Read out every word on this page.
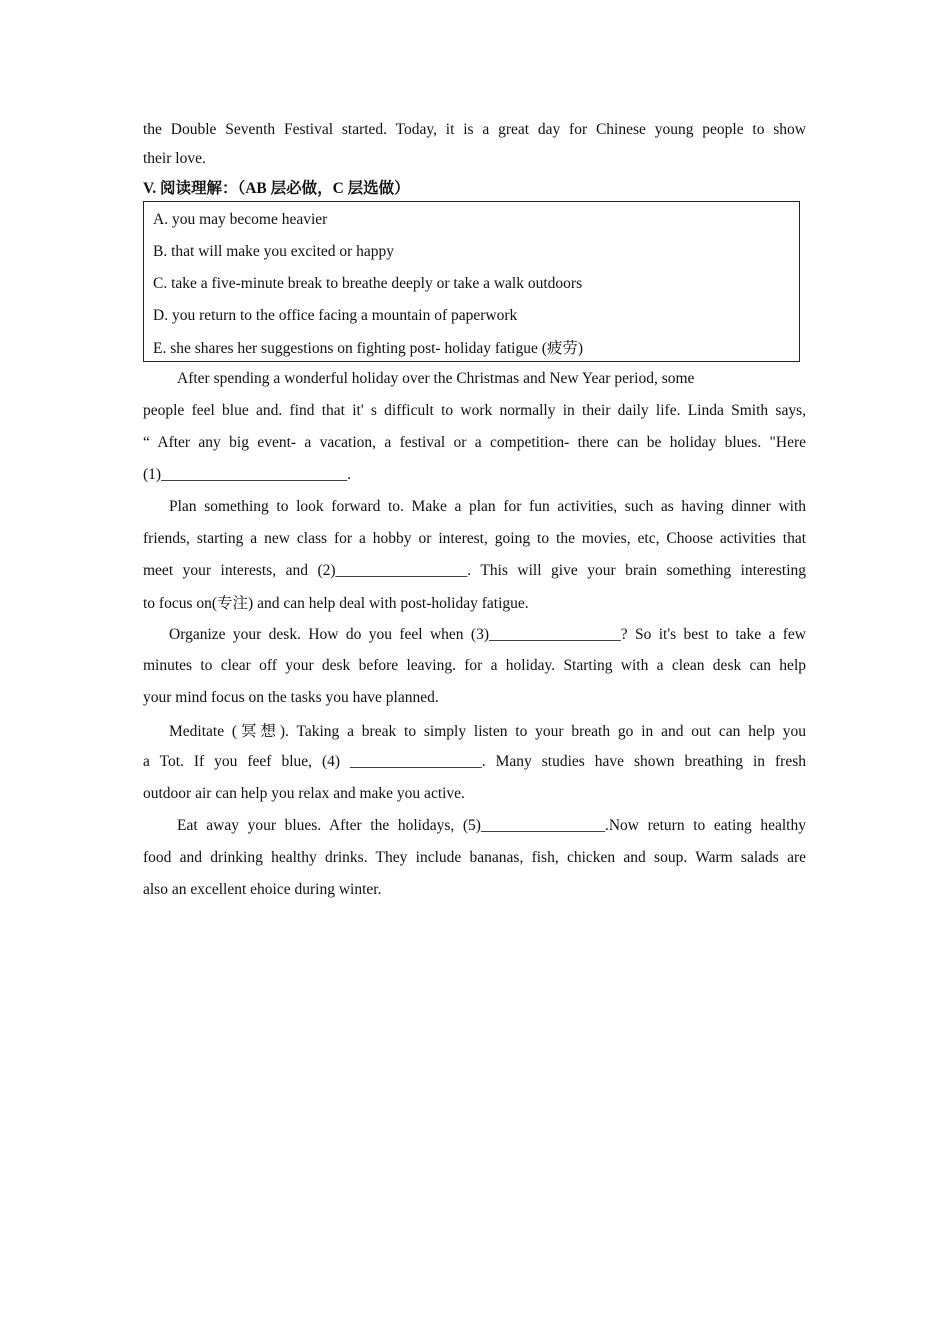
the Double Seventh Festival started. Today, it is a great day for Chinese young people to show
their love.
V. 阅读理解：（AB 层必做，C 层选做）
A. you may become heavier
B. that will make you excited or happy
C. take a five-minute break to breathe deeply or take a walk outdoors
D. you return to the office facing a mountain of paperwork
E. she shares her suggestions on fighting post- holiday fatigue (疲劳)
After spending a wonderful holiday over the Christmas and New Year period, some
people feel blue and. find that it' s difficult to work normally in their daily life. Linda Smith says,
“ After any big event- a vacation, a festival or a competition- there can be holiday blues. "Here
(1)________________________.
Plan something to look forward to. Make a plan for fun activities, such as having dinner with
friends, starting a new class for a hobby or interest, going to the movies, etc, Choose activities that
meet your interests, and (2)_________________. This will give your brain something interesting
to focus on(专注) and can help deal with post-holiday fatigue.
Organize your desk. How do you feel when (3)_________________? So it's best to take a few
minutes to clear off your desk before leaving. for a holiday. Starting with a clean desk can help
your mind focus on the tasks you have planned.
Meditate (冥想). Taking a break to simply listen to your breath go in and out can help you
a Tot. If you feef blue, (4) _________________. Many studies have shown breathing in fresh
outdoor air can help you relax and make you active.
Eat away your blues. After the holidays, (5)________________.Now return to eating healthy
food and drinking healthy drinks. They include bananas, fish, chicken and soup. Warm salads are
also an excellent ehoice during winter.
